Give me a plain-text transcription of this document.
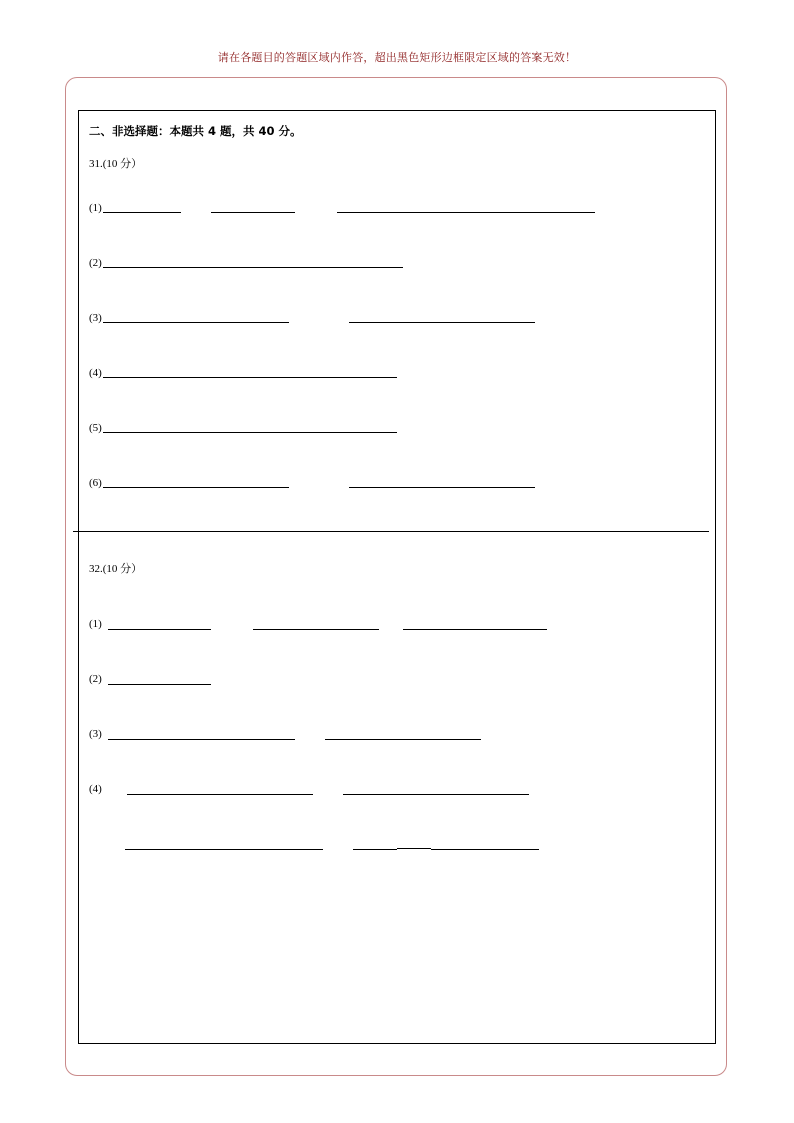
请在各题目的答题区域内作答，超出黑色矩形边框限定区域的答案无效！
二、非选择题：本题共 4 题，共 40 分。
31.(10 分）
(1)
(2)
(3)
(4)
(5)
(6)
32.(10 分）
(1)
(2)
(3)
(4)
